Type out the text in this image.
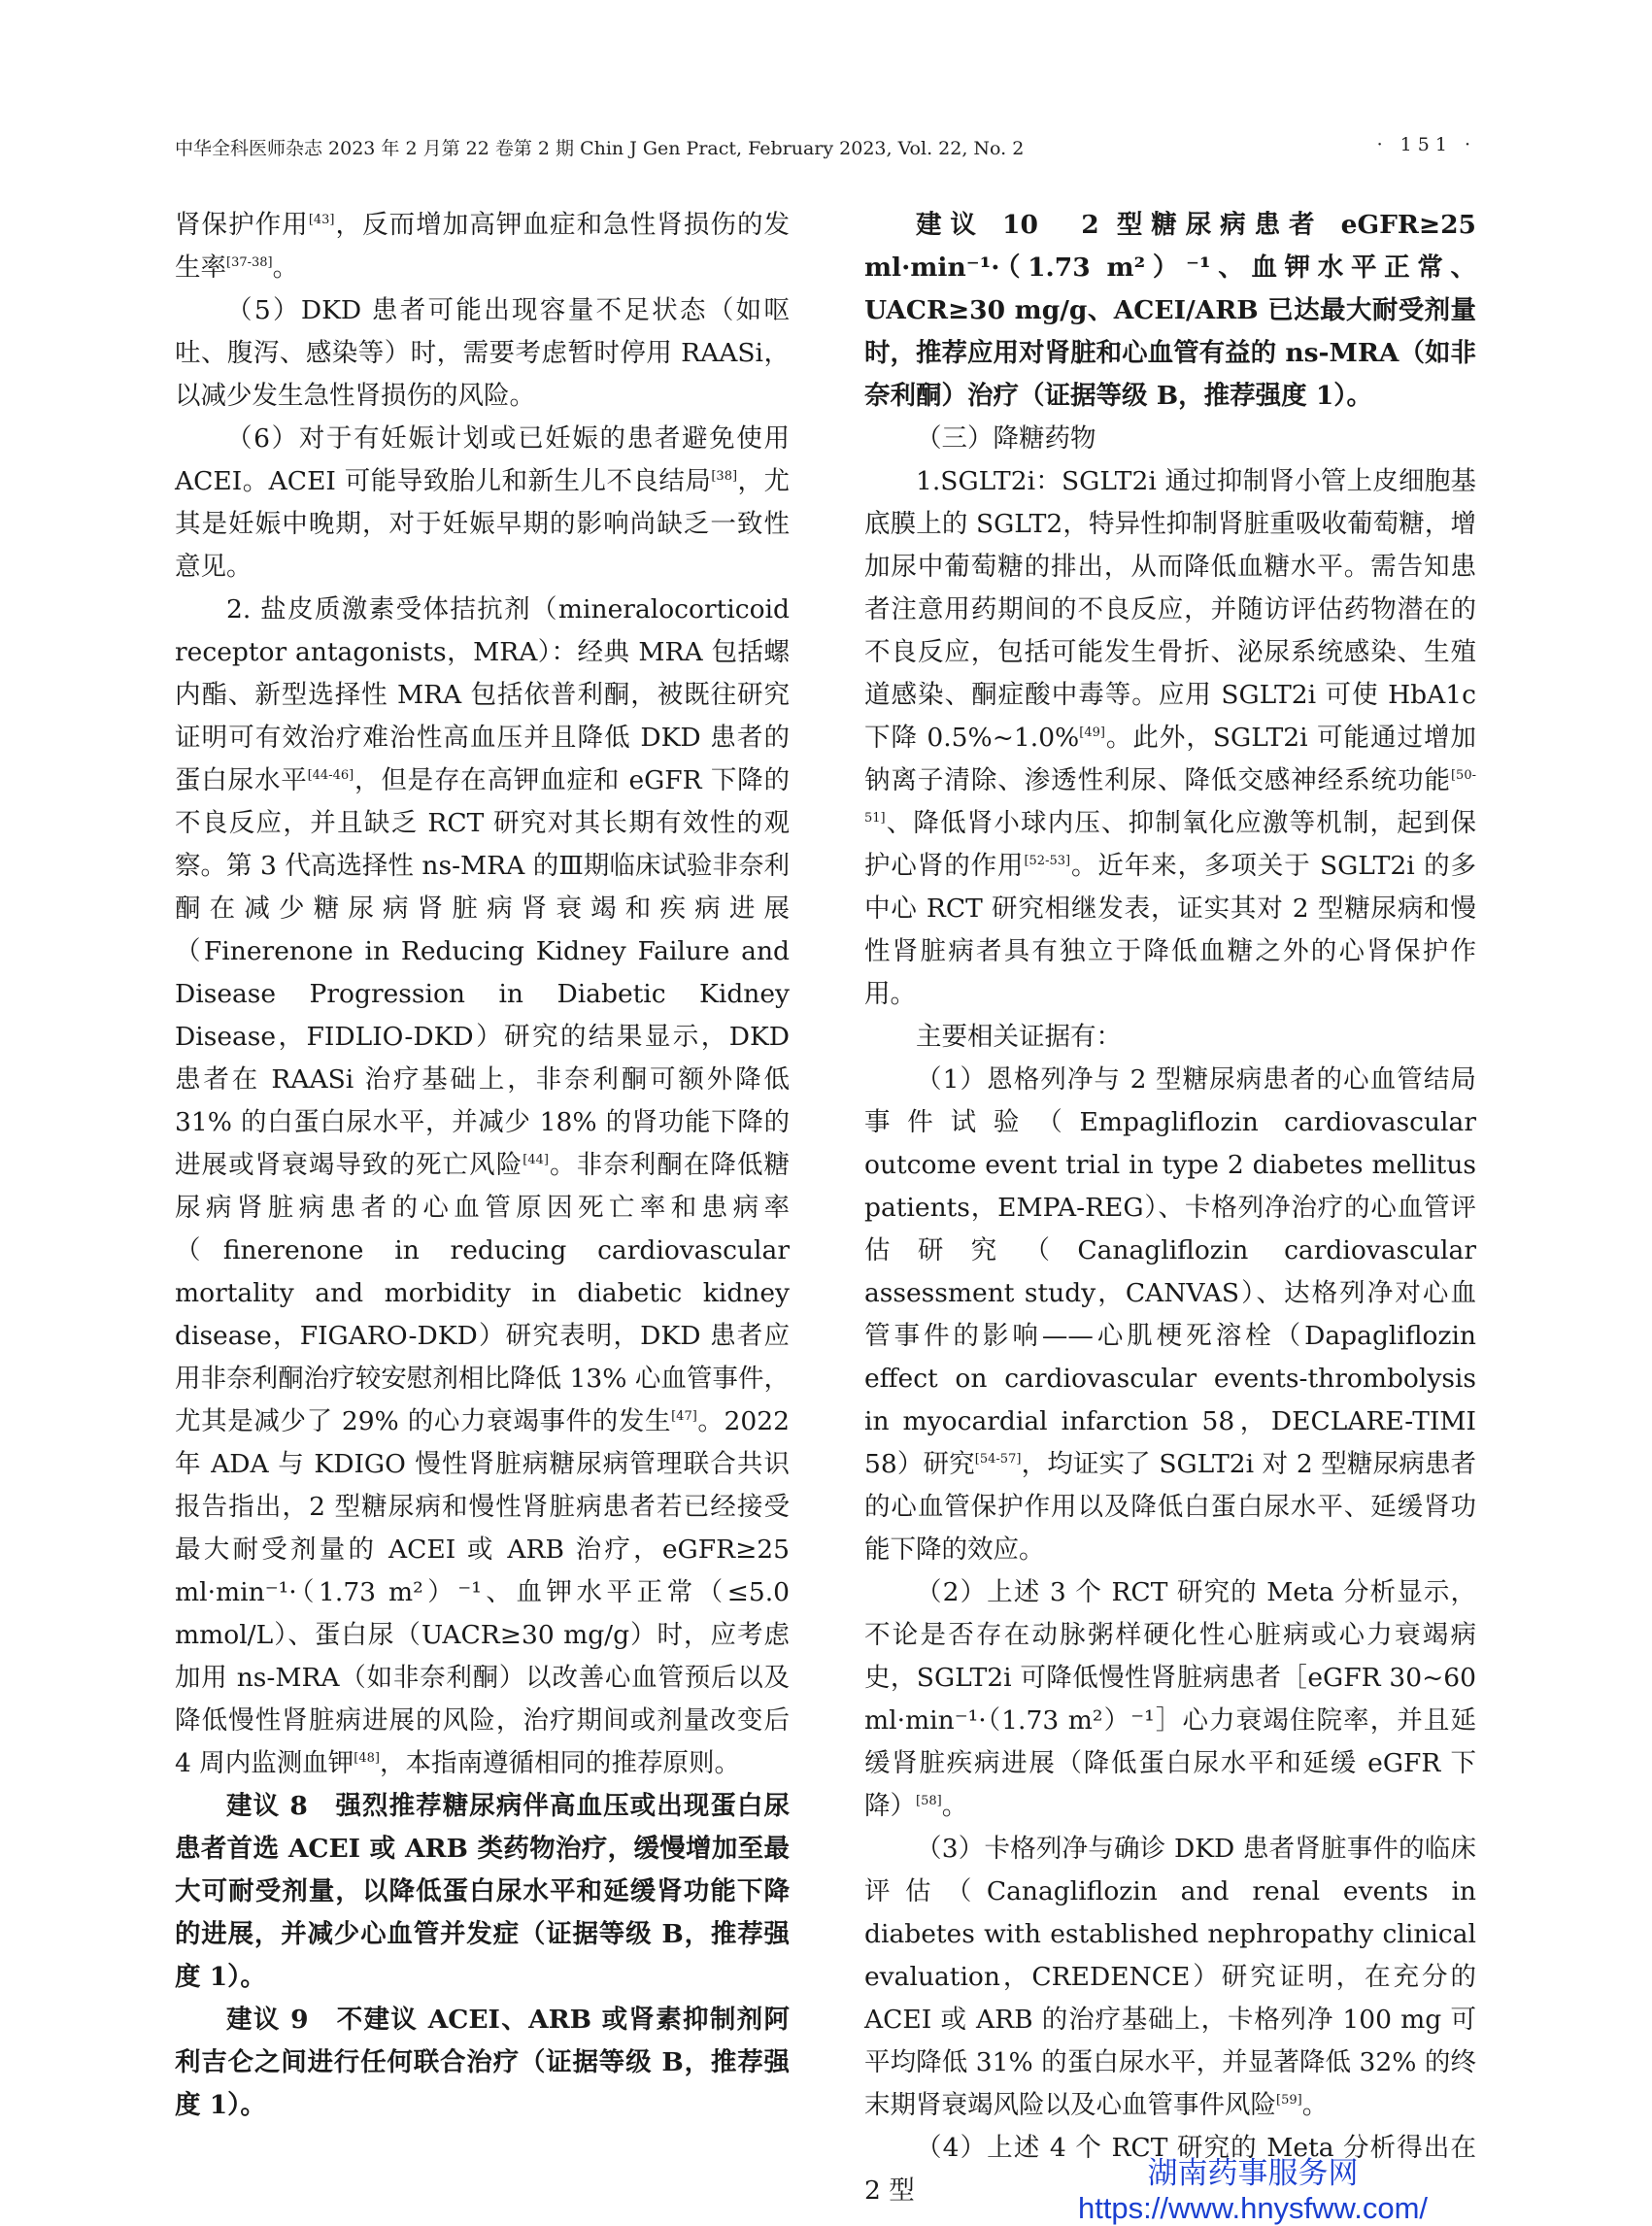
中华全科医师杂志 2023 年 2 月第 22 卷第 2 期 Chin J Gen Pract, February 2023, Vol. 22, No. 2	· 151 ·

肾保护作用[43]，反而增加高钾血症和急性肾损伤的发生率[37-38]。

（5）DKD 患者可能出现容量不足状态（如呕吐、腹泻、感染等）时，需要考虑暂时停用 RAASi，以减少发生急性肾损伤的风险。

（6）对于有妊娠计划或已妊娠的患者避免使用 ACEI。ACEI 可能导致胎儿和新生儿不良结局[38]，尤其是妊娠中晚期，对于妊娠早期的影响尚缺乏一致性意见。

2. 盐皮质激素受体拮抗剂（mineralocorticoid receptor antagonists，MRA）：经典 MRA 包括螺内酯、新型选择性 MRA 包括依普利酮，被既往研究证明可有效治疗难治性高血压并且降低 DKD 患者的蛋白尿水平[44-46]，但是存在高钾血症和 eGFR 下降的不良反应，并且缺乏 RCT 研究对其长期有效性的观察。第 3 代高选择性 ns-MRA 的Ⅲ期临床试验非奈利酮在减少糖尿病肾脏病肾衰竭和疾病进展（Finerenone in Reducing Kidney Failure and Disease Progression in Diabetic Kidney Disease，FIDLIO-DKD）研究的结果显示，DKD 患者在 RAASi 治疗基础上，非奈利酮可额外降低 31% 的白蛋白尿水平，并减少 18% 的肾功能下降的进展或肾衰竭导致的死亡风险[44]。非奈利酮在降低糖尿病肾脏病患者的心血管原因死亡率和患病率（finerenone in reducing cardiovascular mortality and morbidity in diabetic kidney disease，FIGARO-DKD）研究表明，DKD 患者应用非奈利酮治疗较安慰剂相比降低 13% 心血管事件，尤其是减少了 29% 的心力衰竭事件的发生[47]。2022 年 ADA 与 KDIGO 慢性肾脏病糖尿病管理联合共识报告指出，2 型糖尿病和慢性肾脏病患者若已经接受最大耐受剂量的 ACEI 或 ARB 治疗，eGFR≥25 ml·min⁻¹·（1.73 m²）⁻¹、血钾水平正常（≤5.0 mmol/L）、蛋白尿（UACR≥30 mg/g）时，应考虑加用 ns-MRA（如非奈利酮）以改善心血管预后以及降低慢性肾脏病进展的风险，治疗期间或剂量改变后 4 周内监测血钾[48]，本指南遵循相同的推荐原则。

建议 8　强烈推荐糖尿病伴高血压或出现蛋白尿患者首选 ACEI 或 ARB 类药物治疗，缓慢增加至最大可耐受剂量，以降低蛋白尿水平和延缓肾功能下降的进展，并减少心血管并发症（证据等级 B，推荐强度 1）。

建议 9　不建议 ACEI、ARB 或肾素抑制剂阿利吉仑之间进行任何联合治疗（证据等级 B，推荐强度 1）。

建议 10　2 型糖尿病患者 eGFR≥25 ml·min⁻¹·（1.73 m²）⁻¹、血钾水平正常、UACR≥30 mg/g、ACEI/ARB 已达最大耐受剂量时，推荐应用对肾脏和心血管有益的 ns-MRA（如非奈利酮）治疗（证据等级 B，推荐强度 1）。

（三）降糖药物

1.SGLT2i：SGLT2i 通过抑制肾小管上皮细胞基底膜上的 SGLT2，特异性抑制肾脏重吸收葡萄糖，增加尿中葡萄糖的排出，从而降低血糖水平。需告知患者注意用药期间的不良反应，并随访评估药物潜在的不良反应，包括可能发生骨折、泌尿系统感染、生殖道感染、酮症酸中毒等。应用 SGLT2i 可使 HbA1c 下降 0.5%~1.0%[49]。此外，SGLT2i 可能通过增加钠离子清除、渗透性利尿、降低交感神经系统功能[50-51]、降低肾小球内压、抑制氧化应激等机制，起到保护心肾的作用[52-53]。近年来，多项关于 SGLT2i 的多中心 RCT 研究相继发表，证实其对 2 型糖尿病和慢性肾脏病者具有独立于降低血糖之外的心肾保护作用。

主要相关证据有：

（1）恩格列净与 2 型糖尿病患者的心血管结局事件试验（Empagliflozin cardiovascular outcome event trial in type 2 diabetes mellitus patients，EMPA-REG）、卡格列净治疗的心血管评估研究（Canagliflozin cardiovascular assessment study，CANVAS）、达格列净对心血管事件的影响——心肌梗死溶栓（Dapagliflozin effect on cardiovascular events-thrombolysis in myocardial infarction 58，DECLARE-TIMI 58）研究[54-57]，均证实了 SGLT2i 对 2 型糖尿病患者的心血管保护作用以及降低白蛋白尿水平、延缓肾功能下降的效应。

（2）上述 3 个 RCT 研究的 Meta 分析显示，不论是否存在动脉粥样硬化性心脏病或心力衰竭病史，SGLT2i 可降低慢性肾脏病患者［eGFR 30~60 ml·min⁻¹·（1.73 m²）⁻¹］心力衰竭住院率，并且延缓肾脏疾病进展（降低蛋白尿水平和延缓 eGFR 下降）[58]。

（3）卡格列净与确诊 DKD 患者肾脏事件的临床评估（Canagliflozin and renal events in diabetes with established nephropathy clinical evaluation，CREDENCE）研究证明，在充分的 ACEI 或 ARB 的治疗基础上，卡格列净 100 mg 可平均降低 31% 的蛋白尿水平，并显著降低 32% 的终末期肾衰竭风险以及心血管事件风险[59]。

（4）上述 4 个 RCT 研究的 Meta 分析得出在 2 型

湖南药事服务网
https://www.hnysfww.com/
